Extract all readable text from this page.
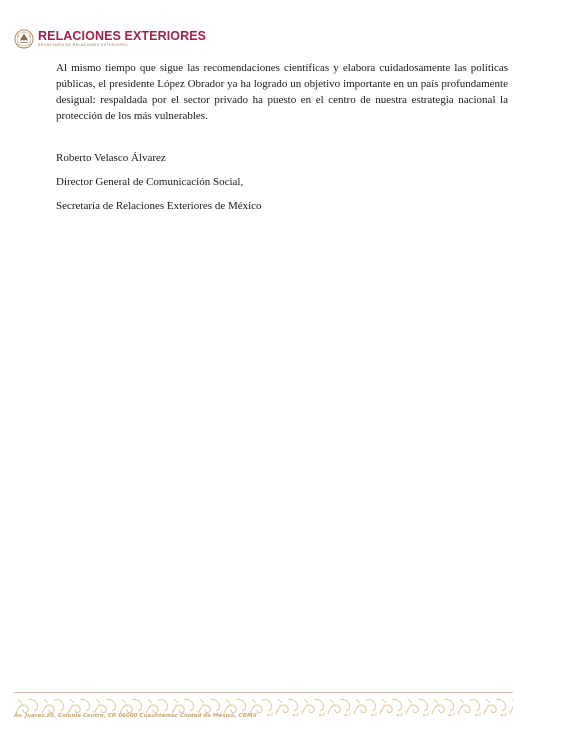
RELACIONES EXTERIORES
SECRETARÍA DE RELACIONES EXTERIORES

Al mismo tiempo que sigue las recomendaciones científicas y elabora cuidadosamente las políticas públicas, el presidente López Obrador ya ha logrado un objetivo importante en un país profundamente desigual: respaldada por el sector privado ha puesto en el centro de nuestra estrategia nacional la protección de los más vulnerables.

Roberto Velasco Álvarez
Director General de Comunicación Social,
Secretaría de Relaciones Exteriores de México
Av. Juárez 20, Colonia Centro, CP. 06000 Cuauhtémoc Ciudad de México, CDMX
